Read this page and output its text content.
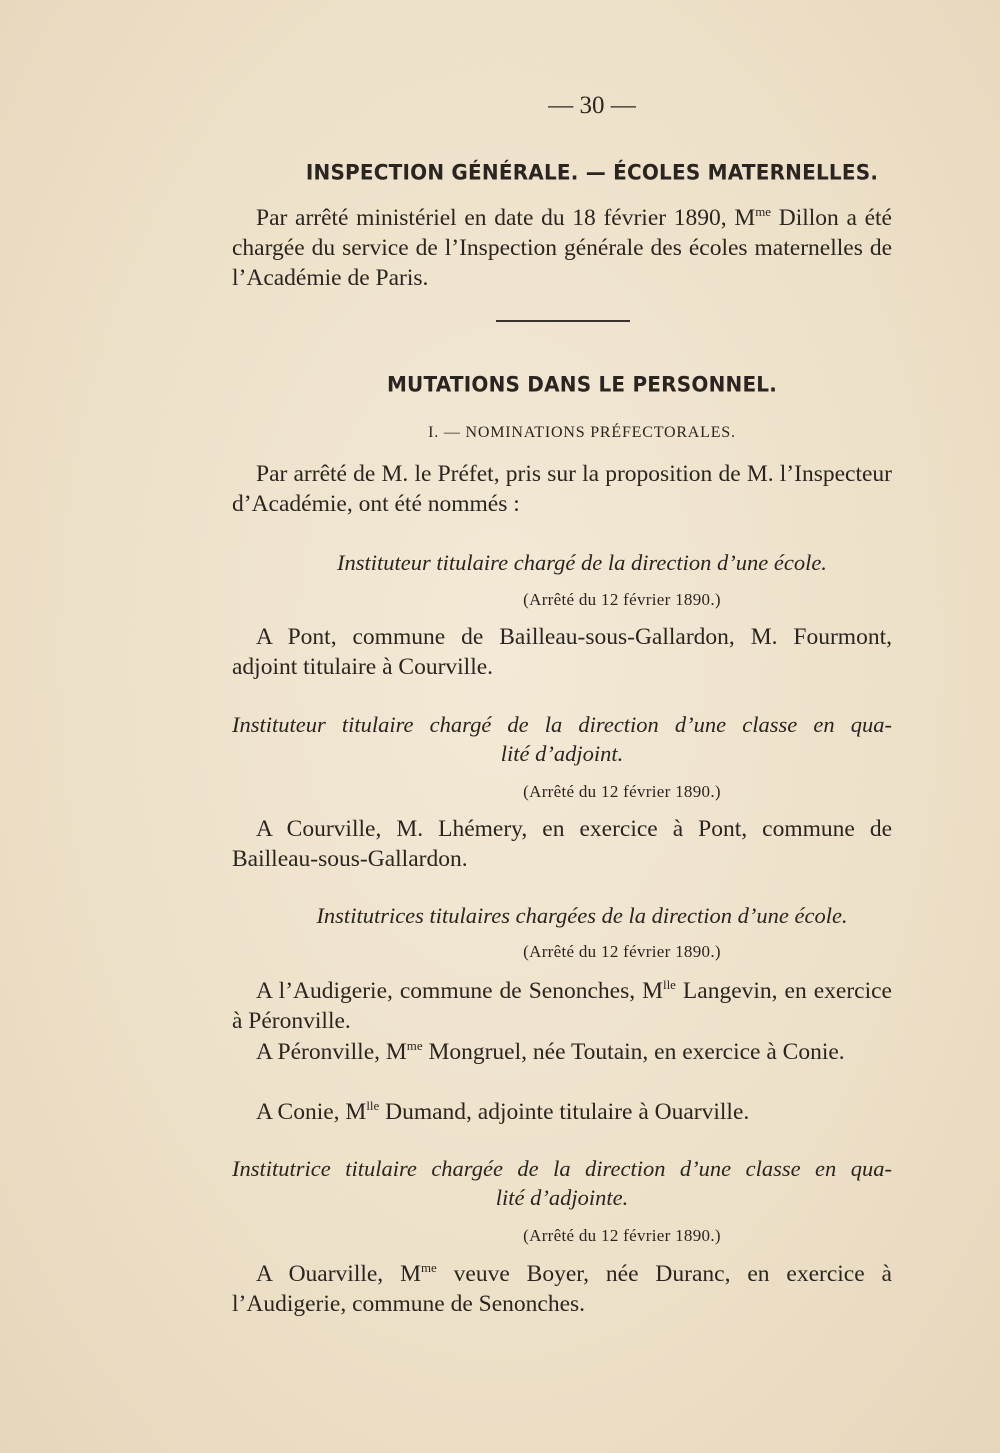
— 30 —

INSPECTION GÉNÉRALE. — ÉCOLES MATERNELLES.

Par arrêté ministériel en date du 18 février 1890, $M^{me}$ Dillon a été chargée du service de l’Inspection générale des écoles maternelles de l’Académie de Paris.

MUTATIONS DANS LE PERSONNEL.

I. — NOMINATIONS PRÉFECTORALES.

Par arrêté de M. le Préfet, pris sur la proposition de M. l’Inspecteur d’Académie, ont été nommés :

Instituteur titulaire chargé de la direction d’une école.

(Arrêté du 12 février 1890.)

A Pont, commune de Bailleau-sous-Gallardon, M. Fourmont, adjoint titulaire à Courville.

Instituteur titulaire chargé de la direction d’une classe en qua-

lité d’adjoint.

(Arrêté du 12 février 1890.)

A Courville, M. Lhémery, en exercice à Pont, commune de Bailleau-sous-Gallardon.

Institutrices titulaires chargées de la direction d’une école.

(Arrêté du 12 février 1890.)

A l’Audigerie, commune de Senonches, $M^{lle}$ Langevin, en exercice à Péronville.

A Péronville, $M^{me}$ Mongruel, née Toutain, en exercice à Conie.

A Conie, $M^{lle}$ Dumand, adjointe titulaire à Ouarville.

Institutrice titulaire chargée de la direction d’une classe en qua-

lité d’adjointe.

(Arrêté du 12 février 1890.)

A Ouarville, $M^{me}$ veuve Boyer, née Duranc, en exercice à l’Audigerie, commune de Senonches.
